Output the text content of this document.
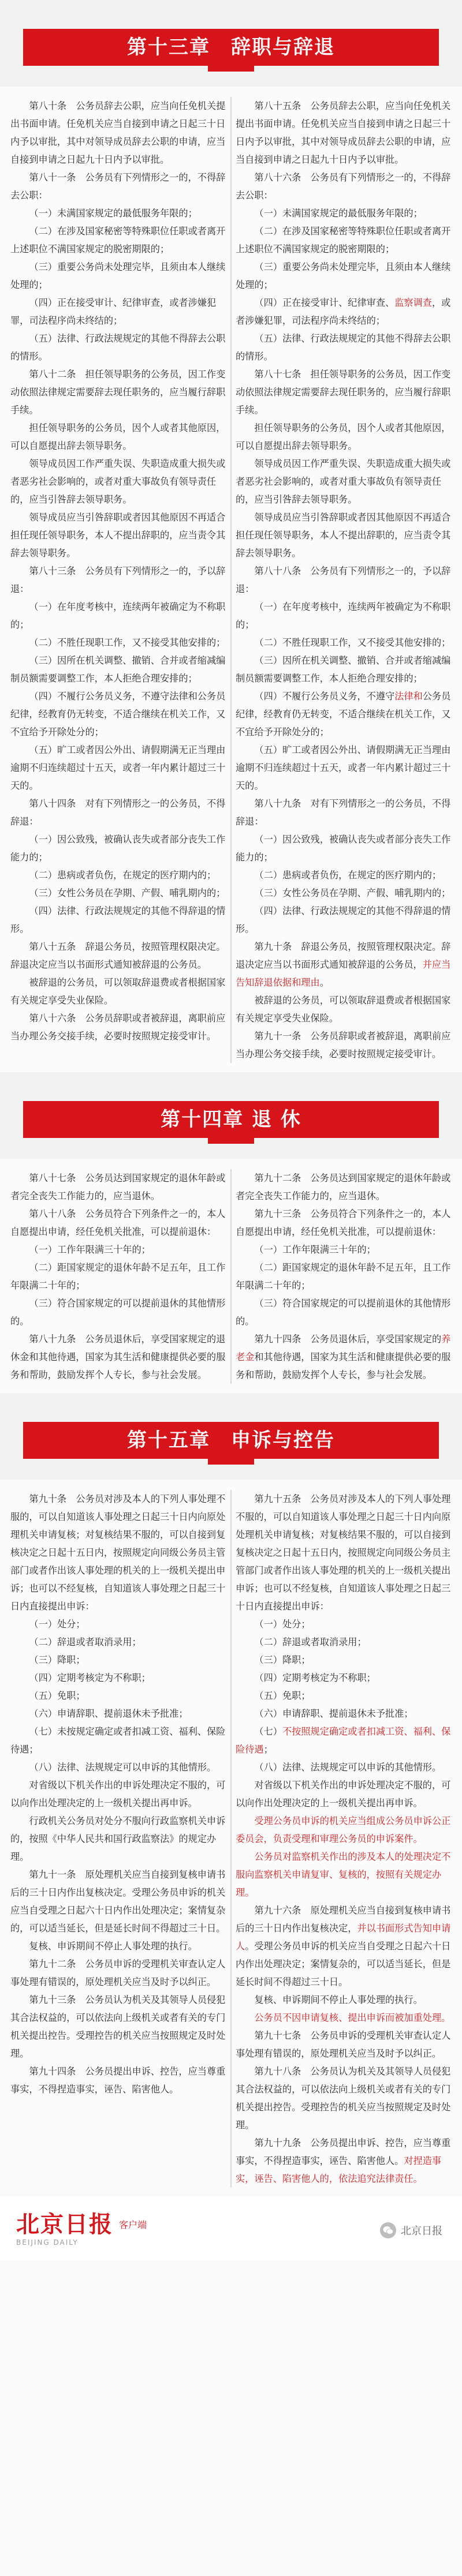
第十三章　辞职与辞退

第八十条　公务员辞去公职，应当向任免机关提出书面申请。任免机关应当自接到申请之日起三十日内予以审批，其中对领导成员辞去公职的申请，应当自接到申请之日起九十日内予以审批。

第八十一条　公务员有下列情形之一的，不得辞去公职：

（一）未满国家规定的最低服务年限的；

（二）在涉及国家秘密等特殊职位任职或者离开上述职位不满国家规定的脱密期限的；

（三）重要公务尚未处理完毕，且须由本人继续处理的；

（四）正在接受审计、纪律审查，或者涉嫌犯罪，司法程序尚未终结的；

（五）法律、行政法规规定的其他不得辞去公职的情形。

第八十二条　担任领导职务的公务员，因工作变动依照法律规定需要辞去现任职务的，应当履行辞职手续。

担任领导职务的公务员，因个人或者其他原因，可以自愿提出辞去领导职务。

领导成员因工作严重失误、失职造成重大损失或者恶劣社会影响的，或者对重大事故负有领导责任的，应当引咎辞去领导职务。

领导成员应当引咎辞职或者因其他原因不再适合担任现任领导职务，本人不提出辞职的，应当责令其辞去领导职务。

第八十三条　公务员有下列情形之一的，予以辞退：

（一）在年度考核中，连续两年被确定为不称职的；

（二）不胜任现职工作，又不接受其他安排的；

（三）因所在机关调整、撤销、合并或者缩减编制员额需要调整工作，本人拒绝合理安排的；

（四）不履行公务员义务，不遵守法律和公务员纪律，经教育仍无转变，不适合继续在机关工作，又不宜给予开除处分的；

（五）旷工或者因公外出、请假期满无正当理由逾期不归连续超过十五天，或者一年内累计超过三十天的。

第八十四条　对有下列情形之一的公务员，不得辞退：

（一）因公致残，被确认丧失或者部分丧失工作能力的；

（二）患病或者负伤，在规定的医疗期内的；

（三）女性公务员在孕期、产假、哺乳期内的；

（四）法律、行政法规规定的其他不得辞退的情形。

第八十五条　辞退公务员，按照管理权限决定。辞退决定应当以书面形式通知被辞退的公务员。

被辞退的公务员，可以领取辞退费或者根据国家有关规定享受失业保险。

第八十六条　公务员辞职或者被辞退，离职前应当办理公务交接手续，必要时按照规定接受审计。

第八十五条　公务员辞去公职，应当向任免机关提出书面申请。任免机关应当自接到申请之日起三十日内予以审批，其中对领导成员辞去公职的申请，应当自接到申请之日起九十日内予以审批。

第八十六条　公务员有下列情形之一的，不得辞去公职：

（一）未满国家规定的最低服务年限的；

（二）在涉及国家秘密等特殊职位任职或者离开上述职位不满国家规定的脱密期限的；

（三）重要公务尚未处理完毕，且须由本人继续处理的；

（四）正在接受审计、纪律审查、监察调查，或者涉嫌犯罪，司法程序尚未终结的；

（五）法律、行政法规规定的其他不得辞去公职的情形。

第八十七条　担任领导职务的公务员，因工作变动依照法律规定需要辞去现任职务的，应当履行辞职手续。

担任领导职务的公务员，因个人或者其他原因，可以自愿提出辞去领导职务。

领导成员因工作严重失误、失职造成重大损失或者恶劣社会影响的，或者对重大事故负有领导责任的，应当引咎辞去领导职务。

领导成员应当引咎辞职或者因其他原因不再适合担任现任领导职务，本人不提出辞职的，应当责令其辞去领导职务。

第八十八条　公务员有下列情形之一的，予以辞退：

（一）在年度考核中，连续两年被确定为不称职的；

（二）不胜任现职工作，又不接受其他安排的；

（三）因所在机关调整、撤销、合并或者缩减编制员额需要调整工作，本人拒绝合理安排的；

（四）不履行公务员义务，不遵守法律和公务员纪律，经教育仍无转变，不适合继续在机关工作，又不宜给予开除处分的；

（五）旷工或者因公外出、请假期满无正当理由逾期不归连续超过十五天，或者一年内累计超过三十天的。

第八十九条　对有下列情形之一的公务员，不得辞退：

（一）因公致残，被确认丧失或者部分丧失工作能力的；

（二）患病或者负伤，在规定的医疗期内的；

（三）女性公务员在孕期、产假、哺乳期内的；

（四）法律、行政法规规定的其他不得辞退的情形。

第九十条　辞退公务员，按照管理权限决定。辞退决定应当以书面形式通知被辞退的公务员，并应当告知辞退依据和理由。

被辞退的公务员，可以领取辞退费或者根据国家有关规定享受失业保险。

第九十一条　公务员辞职或者被辞退，离职前应当办理公务交接手续，必要时按照规定接受审计。

第十四章 退 休

第八十七条　公务员达到国家规定的退休年龄或者完全丧失工作能力的，应当退休。

第八十八条　公务员符合下列条件之一的，本人自愿提出申请，经任免机关批准，可以提前退休：

（一）工作年限满三十年的；

（二）距国家规定的退休年龄不足五年，且工作年限满二十年的；

（三）符合国家规定的可以提前退休的其他情形的。

第八十九条　公务员退休后，享受国家规定的退休金和其他待遇，国家为其生活和健康提供必要的服务和帮助，鼓励发挥个人专长，参与社会发展。

第九十二条　公务员达到国家规定的退休年龄或者完全丧失工作能力的，应当退休。

第九十三条　公务员符合下列条件之一的，本人自愿提出申请，经任免机关批准，可以提前退休：

（一）工作年限满三十年的；

（二）距国家规定的退休年龄不足五年，且工作年限满二十年的；

（三）符合国家规定的可以提前退休的其他情形的。

第九十四条　公务员退休后，享受国家规定的养老金和其他待遇，国家为其生活和健康提供必要的服务和帮助，鼓励发挥个人专长，参与社会发展。

第十五章　申诉与控告

第九十条　公务员对涉及本人的下列人事处理不服的，可以自知道该人事处理之日起三十日内向原处理机关申请复核；对复核结果不服的，可以自接到复核决定之日起十五日内，按照规定向同级公务员主管部门或者作出该人事处理的机关的上一级机关提出申诉；也可以不经复核，自知道该人事处理之日起三十日内直接提出申诉：

（一）处分；

（二）辞退或者取消录用；

（三）降职；

（四）定期考核定为不称职；

（五）免职；

（六）申请辞职、提前退休未予批准；

（七）未按规定确定或者扣减工资、福利、保险待遇；

（八）法律、法规规定可以申诉的其他情形。

对省级以下机关作出的申诉处理决定不服的，可以向作出处理决定的上一级机关提出再申诉。

行政机关公务员对处分不服向行政监察机关申诉的，按照《中华人民共和国行政监察法》的规定办理。

第九十一条　原处理机关应当自接到复核申请书后的三十日内作出复核决定。受理公务员申诉的机关应当自受理之日起六十日内作出处理决定；案情复杂的，可以适当延长，但是延长时间不得超过三十日。

复核、申诉期间不停止人事处理的执行。

第九十二条　公务员申诉的受理机关审查认定人事处理有错误的，原处理机关应当及时予以纠正。

第九十三条　公务员认为机关及其领导人员侵犯其合法权益的，可以依法向上级机关或者有关的专门机关提出控告。受理控告的机关应当按照规定及时处理。

第九十四条　公务员提出申诉、控告，应当尊重事实，不得捏造事实，诬告、陷害他人。

第九十五条　公务员对涉及本人的下列人事处理不服的，可以自知道该人事处理之日起三十日内向原处理机关申请复核；对复核结果不服的，可以自接到复核决定之日起十五日内，按照规定向同级公务员主管部门或者作出该人事处理的机关的上一级机关提出申诉；也可以不经复核，自知道该人事处理之日起三十日内直接提出申诉：

（一）处分；

（二）辞退或者取消录用；

（三）降职；

（四）定期考核定为不称职；

（五）免职；

（六）申请辞职、提前退休未予批准；

（七）不按照规定确定或者扣减工资、福利、保险待遇；

（八）法律、法规规定可以申诉的其他情形。

对省级以下机关作出的申诉处理决定不服的，可以向作出处理决定的上一级机关提出再申诉。

受理公务员申诉的机关应当组成公务员申诉公正委员会，负责受理和审理公务员的申诉案件。

公务员对监察机关作出的涉及本人的处理决定不服向监察机关申请复审、复核的，按照有关规定办理。

第九十六条　原处理机关应当自接到复核申请书后的三十日内作出复核决定，并以书面形式告知申请人。受理公务员申诉的机关应当自受理之日起六十日内作出处理决定；案情复杂的，可以适当延长，但是延长时间不得超过三十日。

复核、申诉期间不停止人事处理的执行。

公务员不因申请复核、提出申诉而被加重处理。

第九十七条　公务员申诉的受理机关审查认定人事处理有错误的，原处理机关应当及时予以纠正。

第九十八条　公务员认为机关及其领导人员侵犯其合法权益的，可以依法向上级机关或者有关的专门机关提出控告。受理控告的机关应当按照规定及时处理。

第九十九条　公务员提出申诉、控告，应当尊重事实，不得捏造事实，诬告、陷害他人。对捏造事实，诬告、陷害他人的，依法追究法律责任。

北京日报 客户端
BEIJING DAILY
北京日报
